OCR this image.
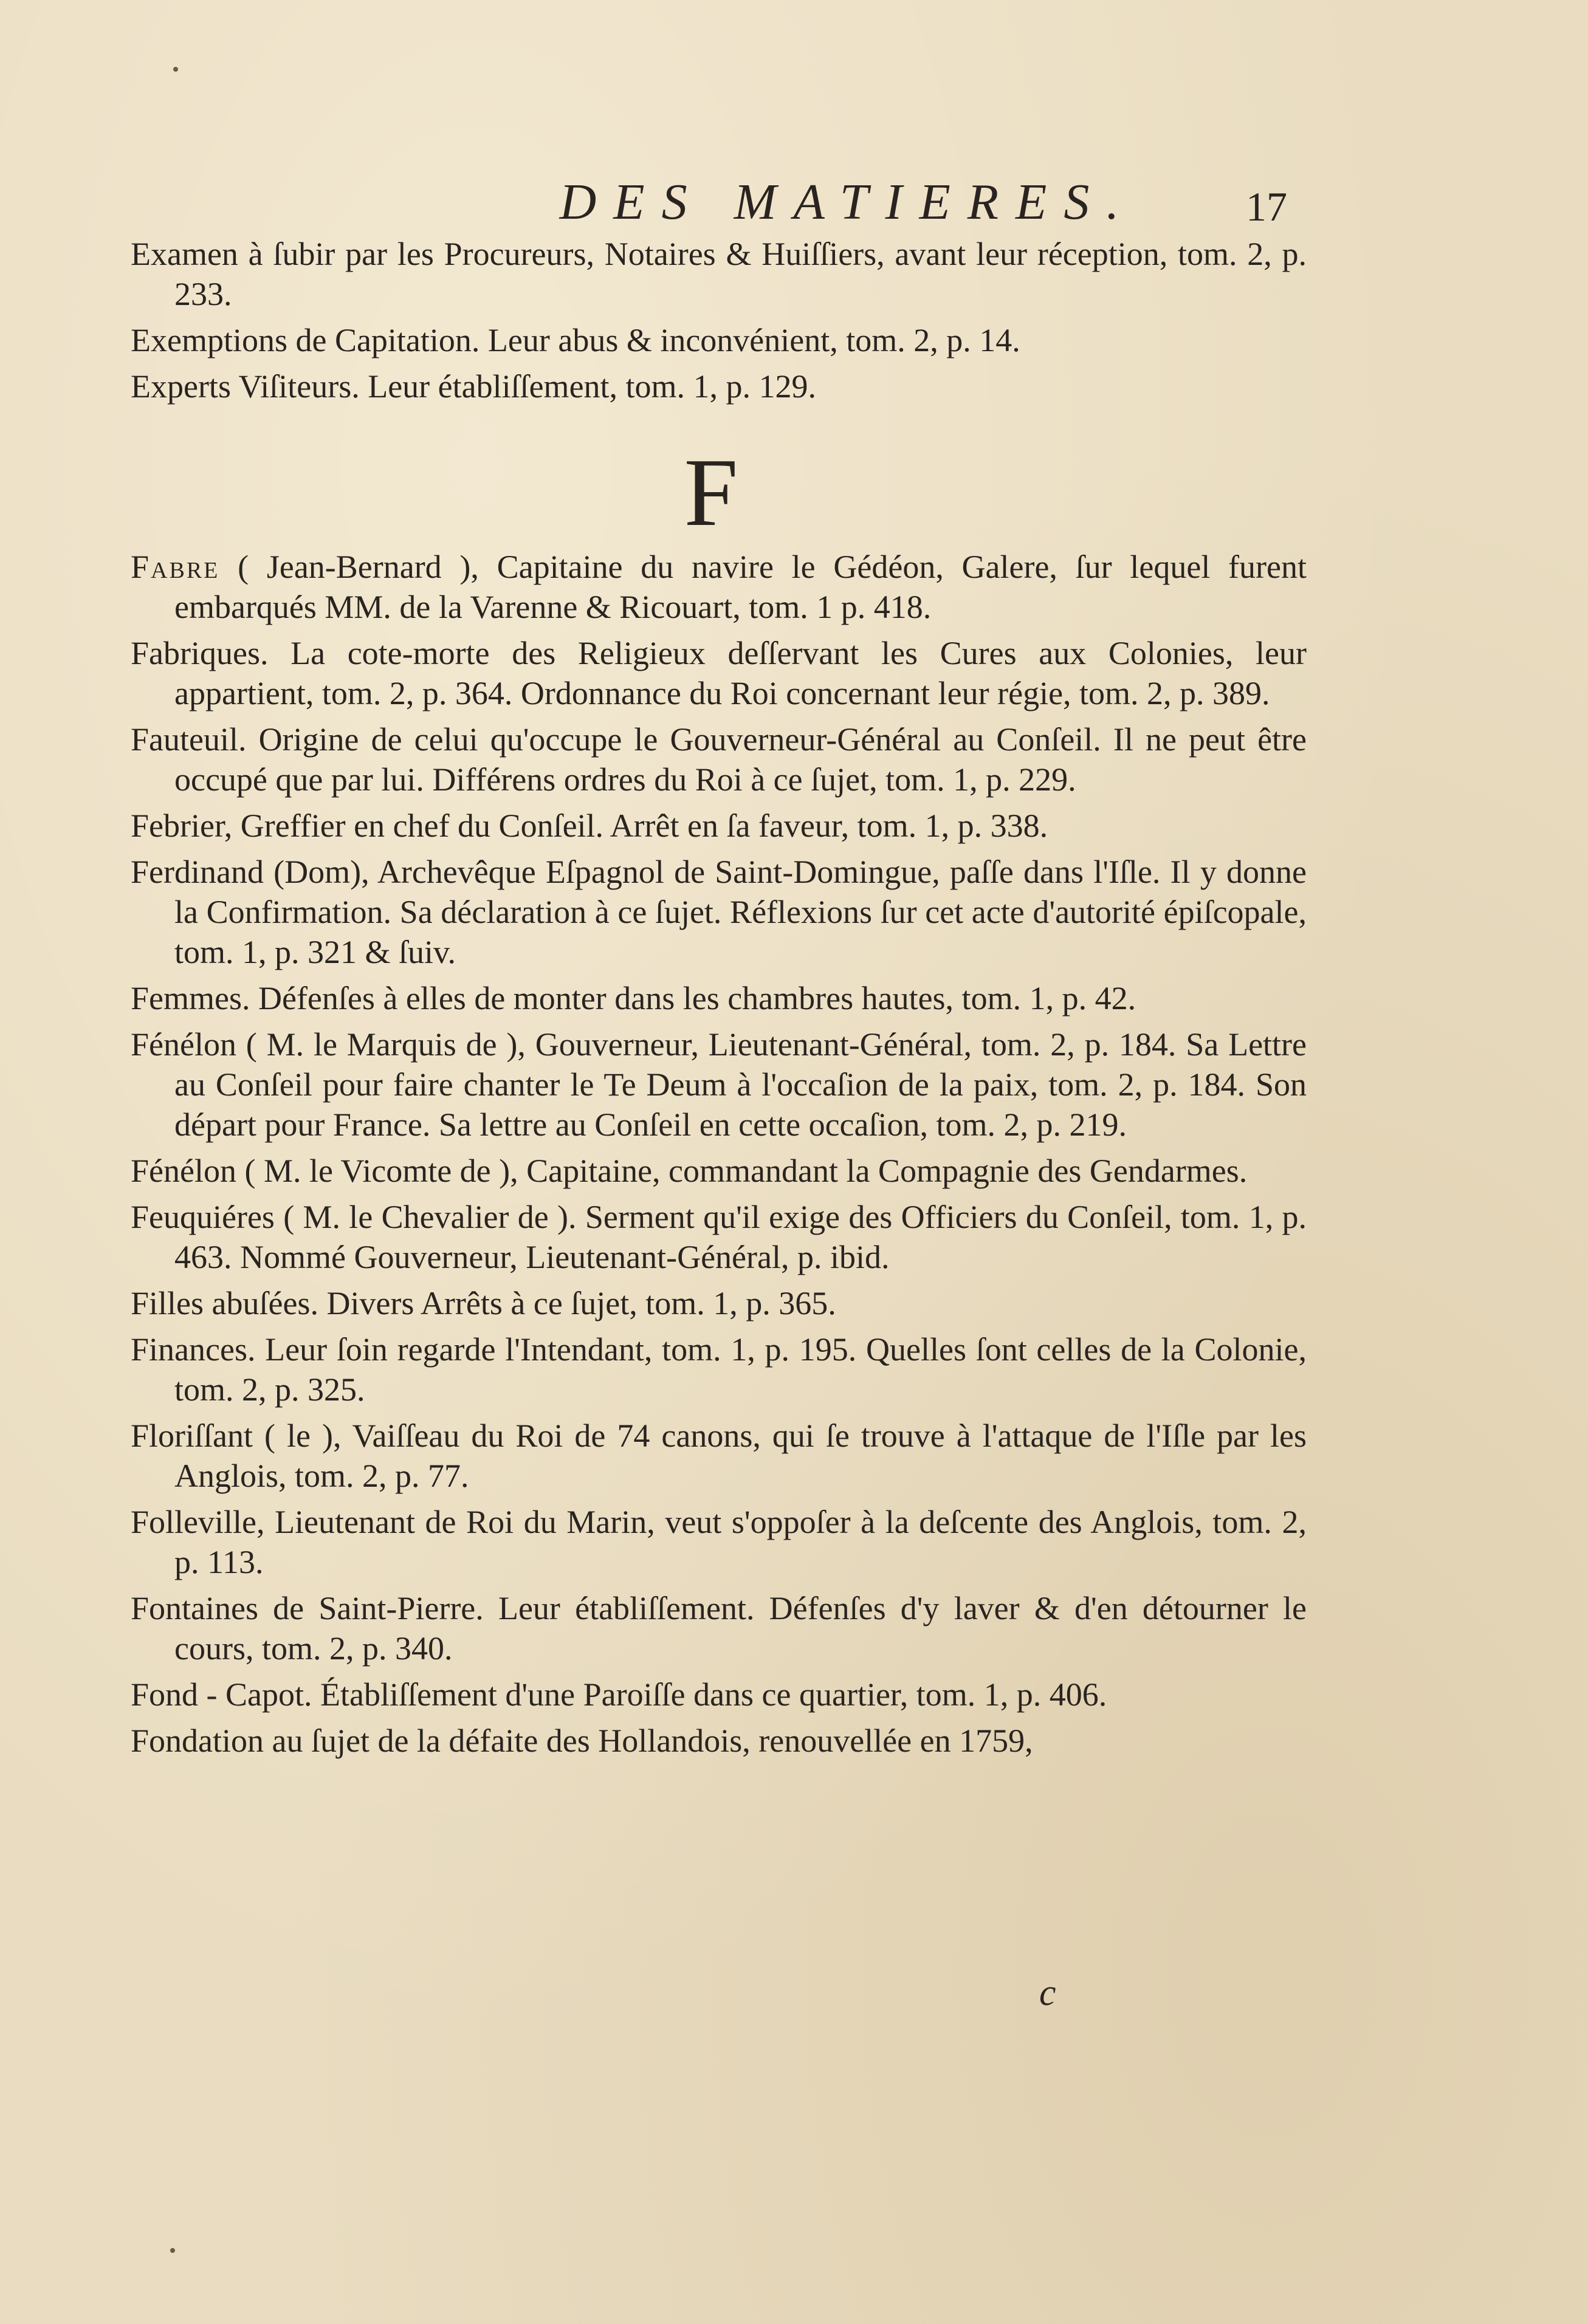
DES MATIERES.	17

Examen à ſubir par les Procureurs, Notaires & Huiſſiers, avant leur réception, tom. 2, p. 233.

Exemptions de Capitation. Leur abus & inconvénient, tom. 2, p. 14.

Experts Viſiteurs. Leur établiſſement, tom. 1, p. 129.

F

Fabre ( Jean-Bernard ), Capitaine du navire le Gédéon, Galere, ſur lequel furent embarqués MM. de la Varenne & Ricouart, tom. 1 p. 418.

Fabriques. La cote-morte des Religieux deſſervant les Cures aux Colonies, leur appartient, tom. 2, p. 364. Ordonnance du Roi concernant leur régie, tom. 2, p. 389.

Fauteuil. Origine de celui qu'occupe le Gouverneur-Général au Conſeil. Il ne peut être occupé que par lui. Différens ordres du Roi à ce ſujet, tom. 1, p. 229.

Febrier, Greffier en chef du Conſeil. Arrêt en ſa faveur, tom. 1, p. 338.

Ferdinand (Dom), Archevêque Eſpagnol de Saint-Domingue, paſſe dans l'Iſle. Il y donne la Confirmation. Sa déclaration à ce ſujet. Réflexions ſur cet acte d'autorité épiſcopale, tom. 1, p. 321 & ſuiv.

Femmes. Défenſes à elles de monter dans les chambres hautes, tom. 1, p. 42.

Fénélon ( M. le Marquis de ), Gouverneur, Lieutenant-Général, tom. 2, p. 184. Sa Lettre au Conſeil pour faire chanter le Te Deum à l'occaſion de la paix, tom. 2, p. 184. Son départ pour France. Sa lettre au Conſeil en cette occaſion, tom. 2, p. 219.

Fénélon ( M. le Vicomte de ), Capitaine, commandant la Compagnie des Gendarmes.

Feuquiéres ( M. le Chevalier de ). Serment qu'il exige des Officiers du Conſeil, tom. 1, p. 463. Nommé Gouverneur, Lieutenant-Général, p. ibid.

Filles abuſées. Divers Arrêts à ce ſujet, tom. 1, p. 365.

Finances. Leur ſoin regarde l'Intendant, tom. 1, p. 195. Quelles ſont celles de la Colonie, tom. 2, p. 325.

Floriſſant ( le ), Vaiſſeau du Roi de 74 canons, qui ſe trouve à l'attaque de l'Iſle par les Anglois, tom. 2, p. 77.

Folleville, Lieutenant de Roi du Marin, veut s'oppoſer à la deſcente des Anglois, tom. 2, p. 113.

Fontaines de Saint-Pierre. Leur établiſſement. Défenſes d'y laver & d'en détourner le cours, tom. 2, p. 340.

Fond - Capot. Établiſſement d'une Paroiſſe dans ce quartier, tom. 1, p. 406.

Fondation au ſujet de la défaite des Hollandois, renouvellée en 1759,

c
